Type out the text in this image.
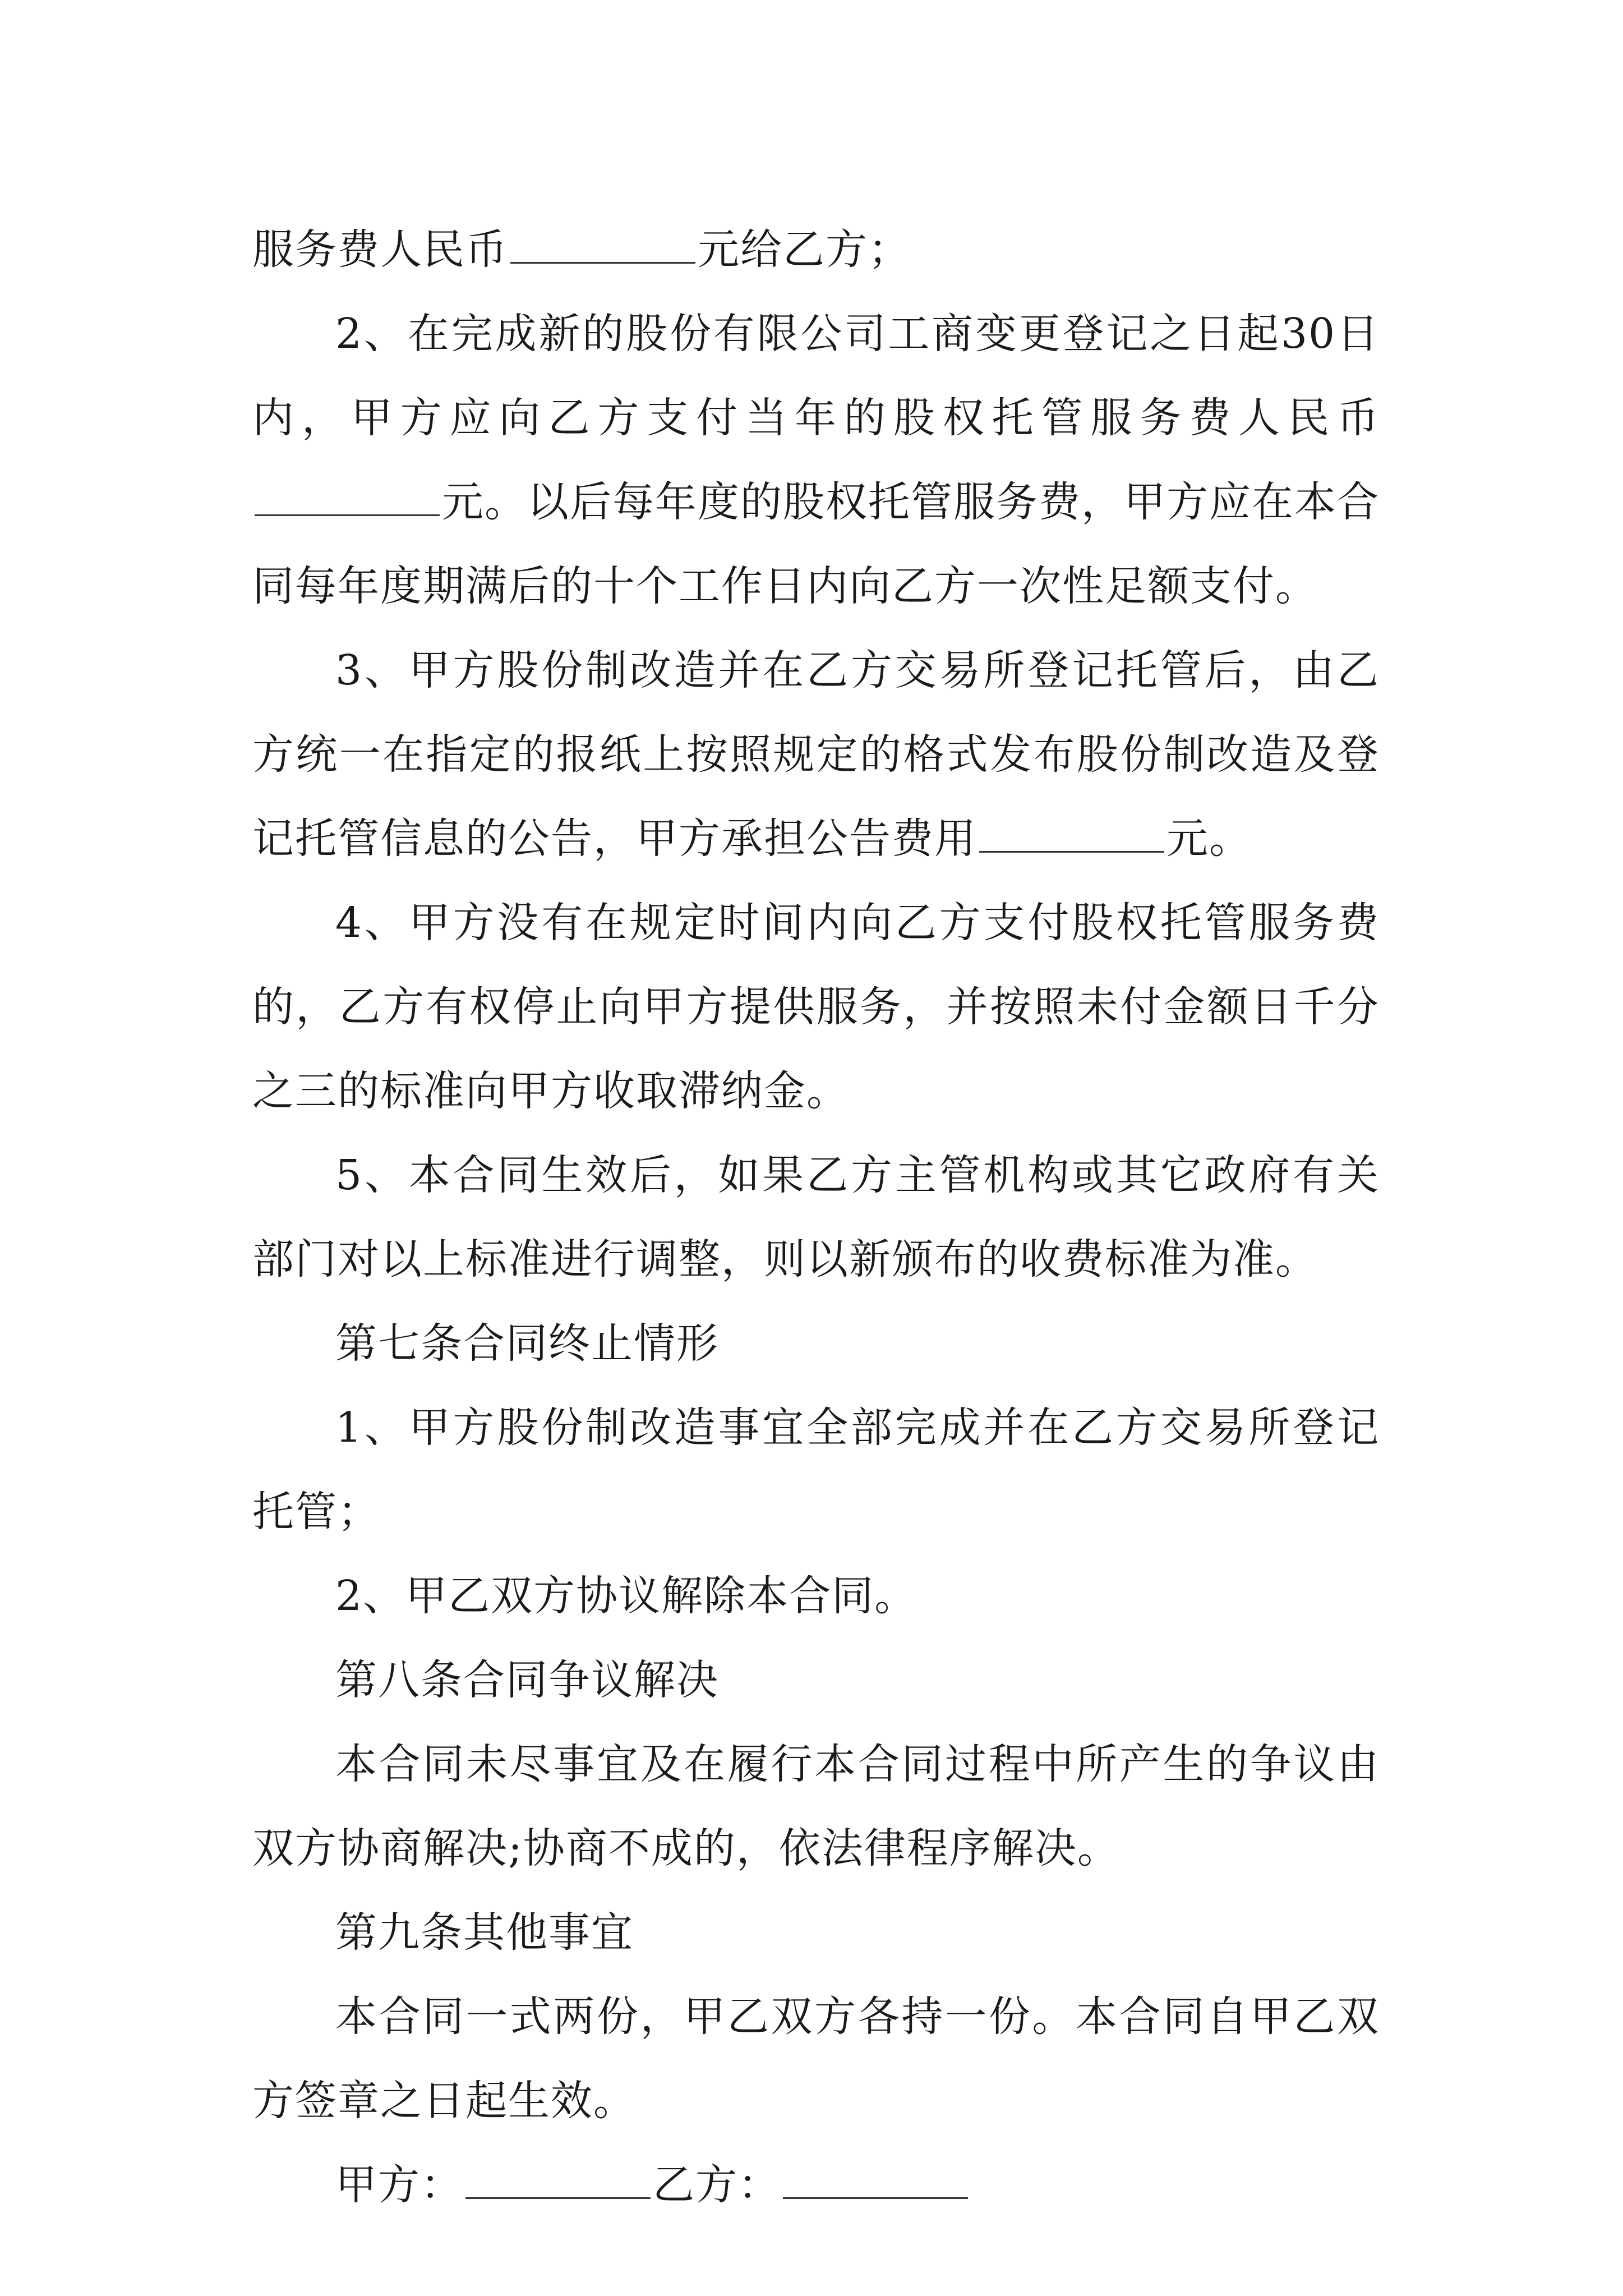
服务费人民币	元给乙方；

2、在完成新的股份有限公司工商变更登记之日起30日内，甲方应向乙方支付当年的股权托管服务费人民币元。以后每年度的股权托管服务费，甲方应在本合同每年度期满后的十个工作日内向乙方一次性足额支付。

3、甲方股份制改造并在乙方交易所登记托管后，由乙方统一在指定的报纸上按照规定的格式发布股份制改造及登记托管信息的公告，甲方承担公告费用	元。

4、甲方没有在规定时间内向乙方支付股权托管服务费的，乙方有权停止向甲方提供服务，并按照未付金额日千分之三的标准向甲方收取滞纳金。

5、本合同生效后，如果乙方主管机构或其它政府有关部门对以上标准进行调整，则以新颁布的收费标准为准。

第七条合同终止情形

1、甲方股份制改造事宜全部完成并在乙方交易所登记托管；

2、甲乙双方协议解除本合同。

第八条合同争议解决

本合同未尽事宜及在履行本合同过程中所产生的争议由双方协商解决;协商不成的，依法律程序解决。

第九条其他事宜

本合同一式两份，甲乙双方各持一份。本合同自甲乙双方签章之日起生效。

甲方：	乙方：
